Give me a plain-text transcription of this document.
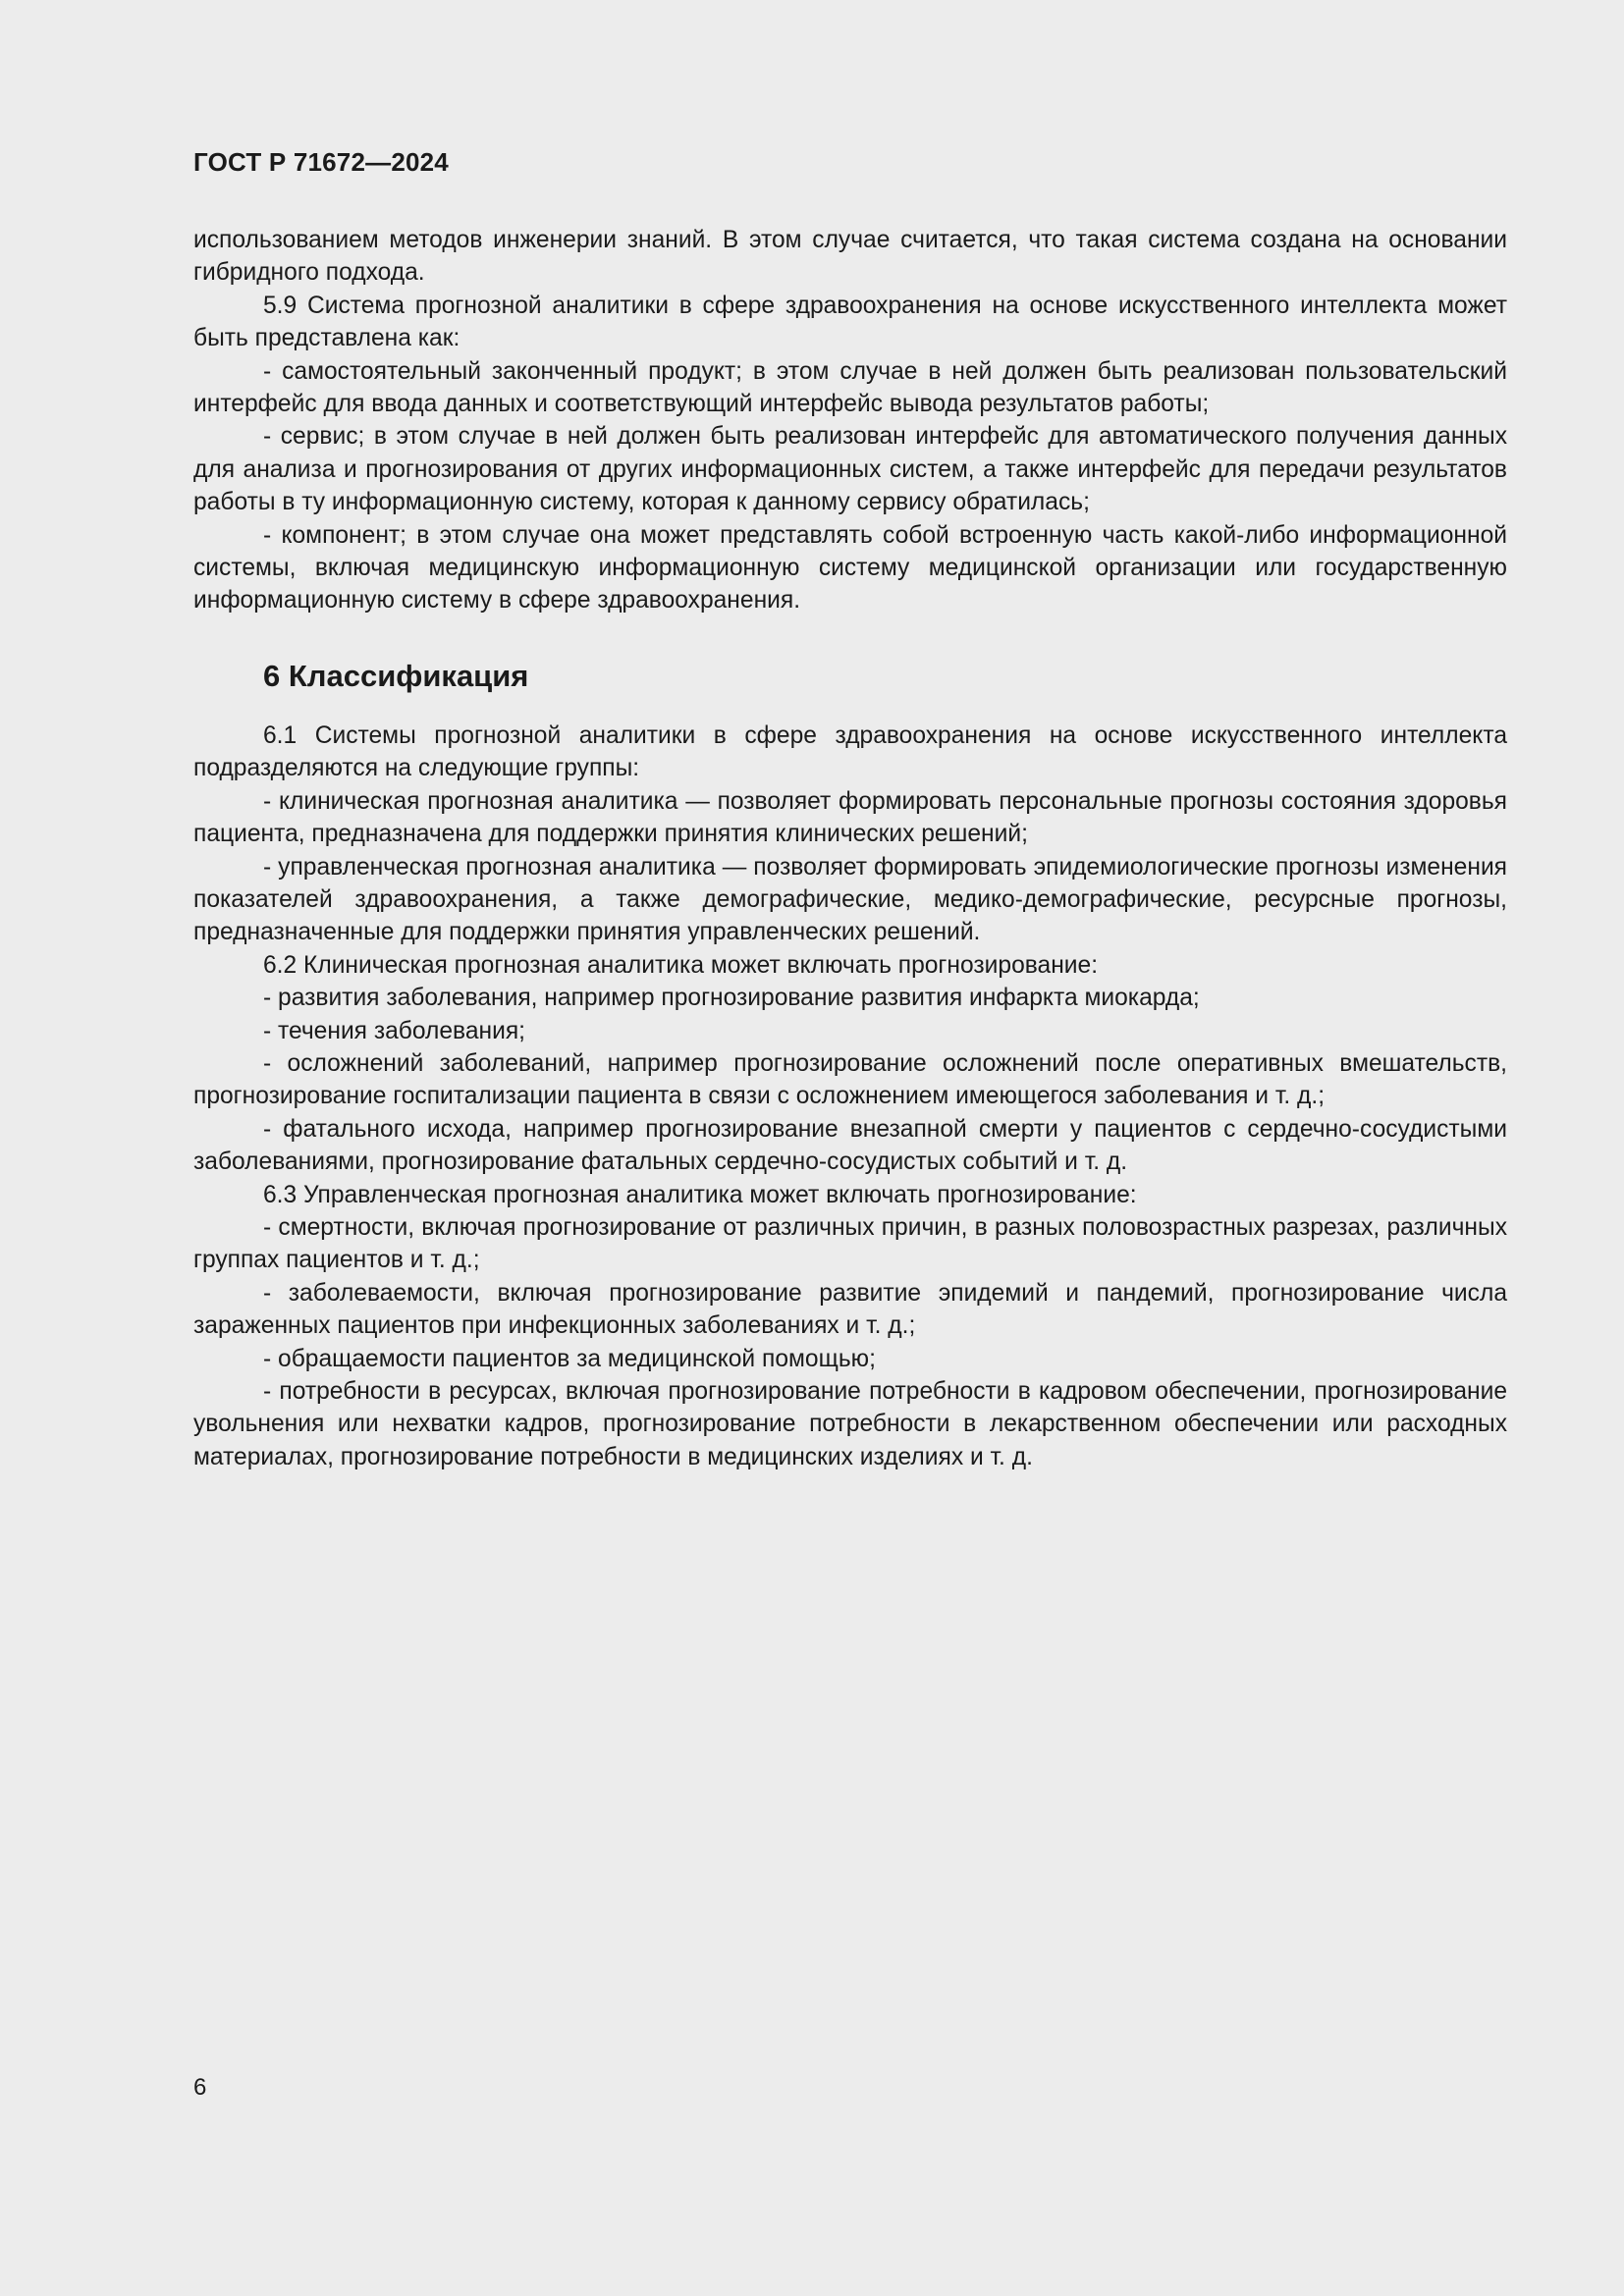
ГОСТ Р 71672—2024

использованием методов инженерии знаний. В этом случае считается, что такая система создана на основании гибридного подхода.

5.9 Система прогнозной аналитики в сфере здравоохранения на основе искусственного интеллекта может быть представлена как:

- самостоятельный законченный продукт; в этом случае в ней должен быть реализован пользовательский интерфейс для ввода данных и соответствующий интерфейс вывода результатов работы;

- сервис; в этом случае в ней должен быть реализован интерфейс для автоматического получения данных для анализа и прогнозирования от других информационных систем, а также интерфейс для передачи результатов работы в ту информационную систему, которая к данному сервису обратилась;

- компонент; в этом случае она может представлять собой встроенную часть какой-либо информационной системы, включая медицинскую информационную систему медицинской организации или государственную информационную систему в сфере здравоохранения.

6 Классификация

6.1 Системы прогнозной аналитики в сфере здравоохранения на основе искусственного интеллекта подразделяются на следующие группы:

- клиническая прогнозная аналитика — позволяет формировать персональные прогнозы состояния здоровья пациента, предназначена для поддержки принятия клинических решений;

- управленческая прогнозная аналитика — позволяет формировать эпидемиологические прогнозы изменения показателей здравоохранения, а также демографические, медико-демографические, ресурсные прогнозы, предназначенные для поддержки принятия управленческих решений.

6.2 Клиническая прогнозная аналитика может включать прогнозирование:

- развития заболевания, например прогнозирование развития инфаркта миокарда;

- течения заболевания;

- осложнений заболеваний, например прогнозирование осложнений после оперативных вмешательств, прогнозирование госпитализации пациента в связи с осложнением имеющегося заболевания и т. д.;

- фатального исхода, например прогнозирование внезапной смерти у пациентов с сердечно-сосудистыми заболеваниями, прогнозирование фатальных сердечно-сосудистых событий и т. д.

6.3 Управленческая прогнозная аналитика может включать прогнозирование:

- смертности, включая прогнозирование от различных причин, в разных половозрастных разрезах, различных группах пациентов и т. д.;

- заболеваемости, включая прогнозирование развитие эпидемий и пандемий, прогнозирование числа зараженных пациентов при инфекционных заболеваниях и т. д.;

- обращаемости пациентов за медицинской помощью;

- потребности в ресурсах, включая прогнозирование потребности в кадровом обеспечении, прогнозирование увольнения или нехватки кадров, прогнозирование потребности в лекарственном обеспечении или расходных материалах, прогнозирование потребности в медицинских изделиях и т. д.

6
